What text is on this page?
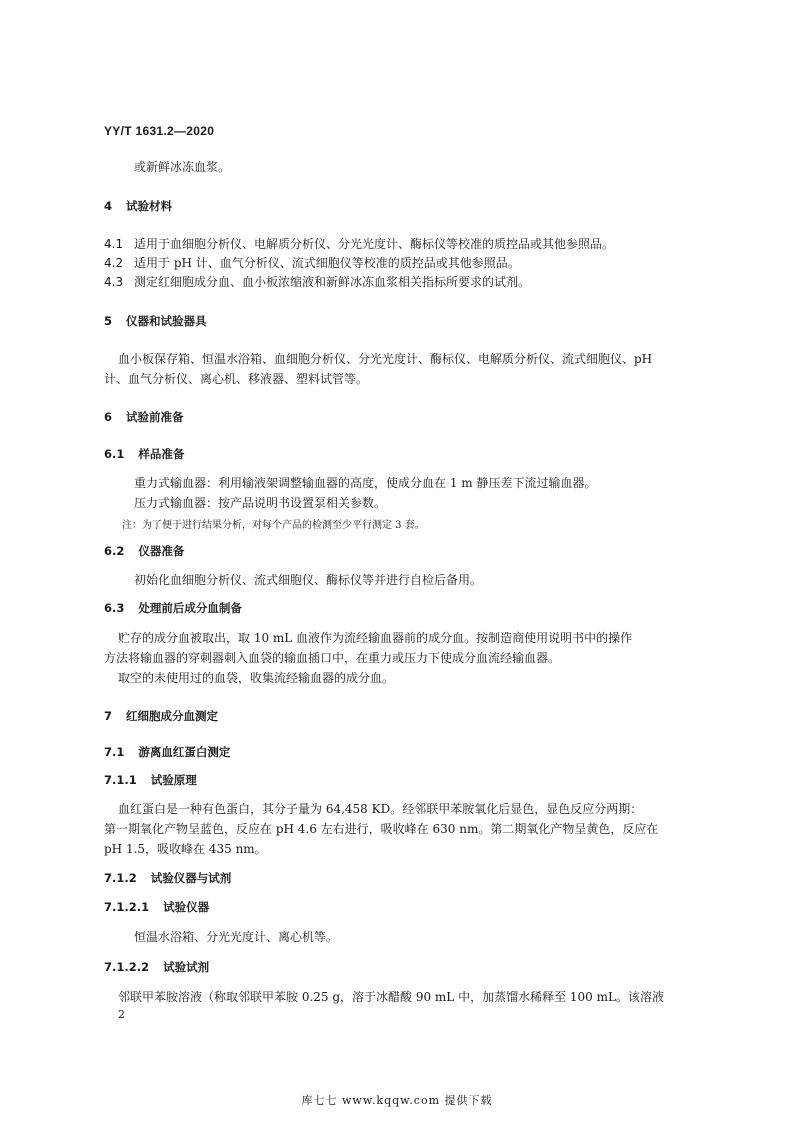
YY/T 1631.2—2020
或新鲜冰冻血浆。
4 试验材料
4.1 适用于血细胞分析仪、电解质分析仪、分光光度计、酶标仪等校准的质控品或其他参照品。
4.2 适用于 pH 计、血气分析仪、流式细胞仪等校准的质控品或其他参照品。
4.3 测定红细胞成分血、血小板浓缩液和新鲜冰冻血浆相关指标所要求的试剂。
5 仪器和试验器具
血小板保存箱、恒温水浴箱、血细胞分析仪、分光光度计、酶标仪、电解质分析仪、流式细胞仪、pH
计、血气分析仪、离心机、移液器、塑料试管等。
6 试验前准备
6.1 样品准备
重力式输血器：利用输液架调整输血器的高度，使成分血在 1 m 静压差下流过输血器。
压力式输血器：按产品说明书设置泵相关参数。
注：为了便于进行结果分析，对每个产品的检测至少平行测定 3 套。
6.2 仪器准备
初始化血细胞分析仪、流式细胞仪、酶标仪等并进行自检后备用。
6.3 处理前后成分血制备
贮存的成分血被取出，取 10 mL 血液作为流经输血器前的成分血。按制造商使用说明书中的操作
方法将输血器的穿刺器刺入血袋的输血插口中，在重力或压力下使成分血流经输血器。
取空的未使用过的血袋，收集流经输血器的成分血。
7 红细胞成分血测定
7.1 游离血红蛋白测定
7.1.1 试验原理
血红蛋白是一种有色蛋白，其分子量为 64,458 KD。经邻联甲苯胺氧化后显色，显色反应分两期：
第一期氧化产物呈蓝色，反应在 pH 4.6 左右进行，吸收峰在 630 nm。第二期氧化产物呈黄色，反应在
pH 1.5，吸收峰在 435 nm。
7.1.2 试验仪器与试剂
7.1.2.1 试验仪器
恒温水浴箱、分光光度计、离心机等。
7.1.2.2 试验试剂
邻联甲苯胺溶液（称取邻联甲苯胺 0.25 g，溶于冰醋酸 90 mL 中，加蒸馏水稀释至 100 mL。该溶液
2
库七七 www.kqqw.com 提供下载
